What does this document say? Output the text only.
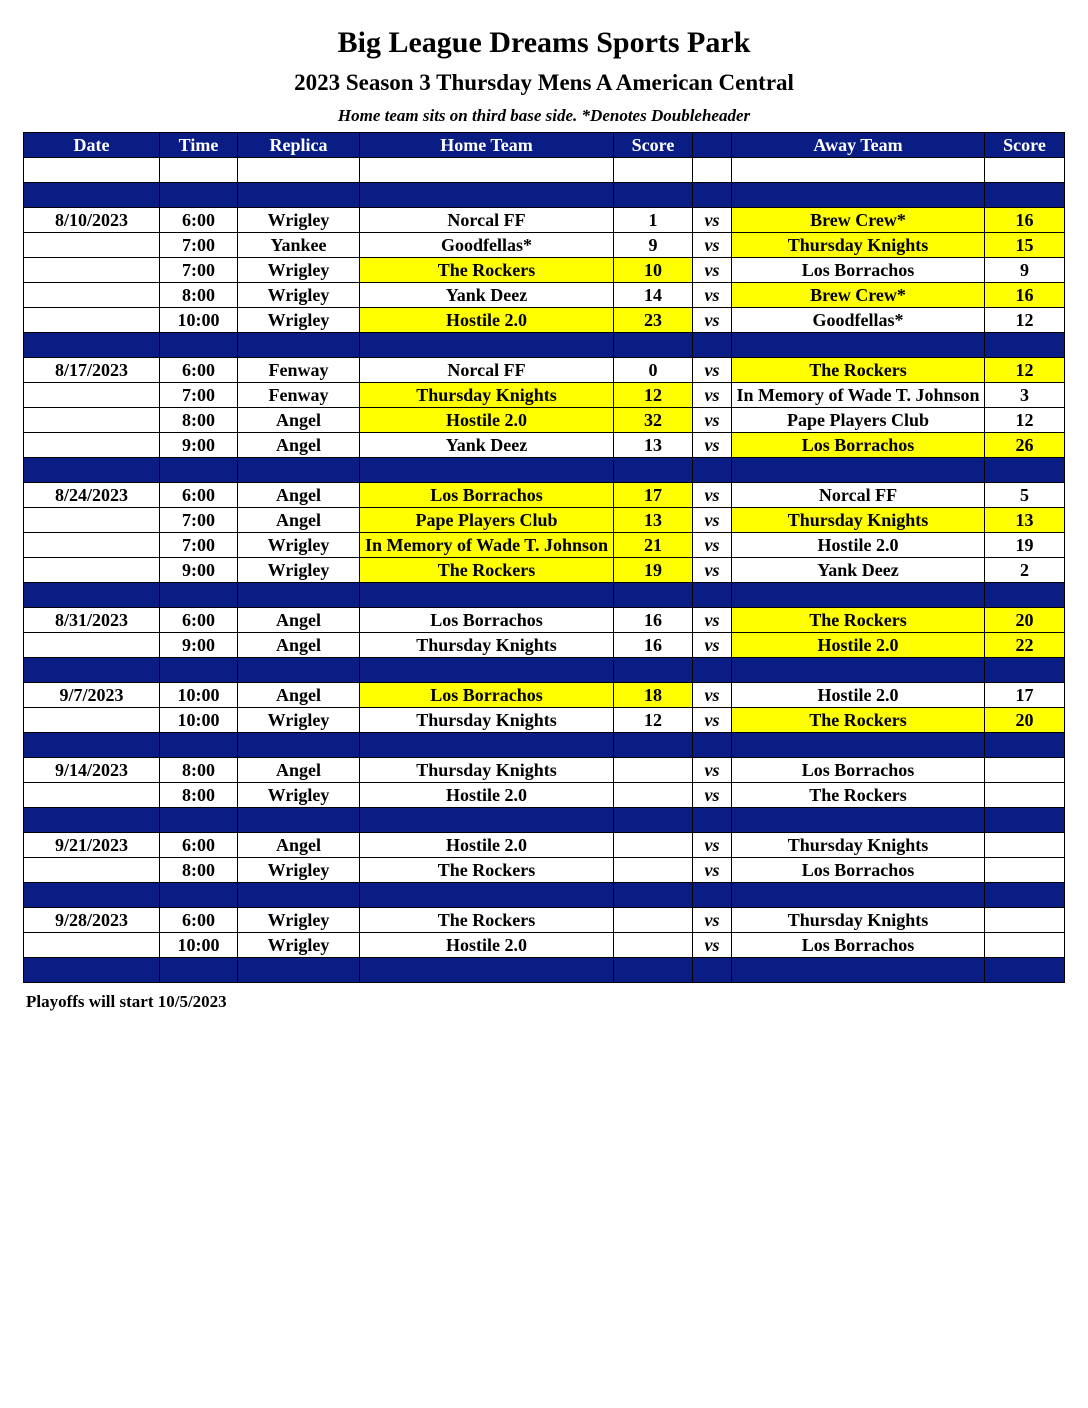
Big League Dreams Sports Park
2023 Season 3 Thursday Mens A American Central
Home team sits on third base side. *Denotes Doubleheader
Date	Time	Replica	Home Team	Score		Away Team	Score

8/10/2023	6:00	Wrigley	Norcal FF	1	vs	Brew Crew*	16
	7:00	Yankee	Goodfellas*	9	vs	Thursday Knights	15
	7:00	Wrigley	The Rockers	10	vs	Los Borrachos	9
	8:00	Wrigley	Yank Deez	14	vs	Brew Crew*	16
	10:00	Wrigley	Hostile 2.0	23	vs	Goodfellas*	12

8/17/2023	6:00	Fenway	Norcal FF	0	vs	The Rockers	12
	7:00	Fenway	Thursday Knights	12	vs	In Memory of Wade T. Johnson	3
	8:00	Angel	Hostile 2.0	32	vs	Pape Players Club	12
	9:00	Angel	Yank Deez	13	vs	Los Borrachos	26

8/24/2023	6:00	Angel	Los Borrachos	17	vs	Norcal FF	5
	7:00	Angel	Pape Players Club	13	vs	Thursday Knights	13
	7:00	Wrigley	In Memory of Wade T. Johnson	21	vs	Hostile 2.0	19
	9:00	Wrigley	The Rockers	19	vs	Yank Deez	2

8/31/2023	6:00	Angel	Los Borrachos	16	vs	The Rockers	20
	9:00	Angel	Thursday Knights	16	vs	Hostile 2.0	22

9/7/2023	10:00	Angel	Los Borrachos	18	vs	Hostile 2.0	17
	10:00	Wrigley	Thursday Knights	12	vs	The Rockers	20

9/14/2023	8:00	Angel	Thursday Knights		vs	Los Borrachos	
	8:00	Wrigley	Hostile 2.0		vs	The Rockers	

9/21/2023	6:00	Angel	Hostile 2.0		vs	Thursday Knights	
	8:00	Wrigley	The Rockers		vs	Los Borrachos	

9/28/2023	6:00	Wrigley	The Rockers		vs	Thursday Knights	
	10:00	Wrigley	Hostile 2.0		vs	Los Borrachos	

Playoffs will start 10/5/2023
